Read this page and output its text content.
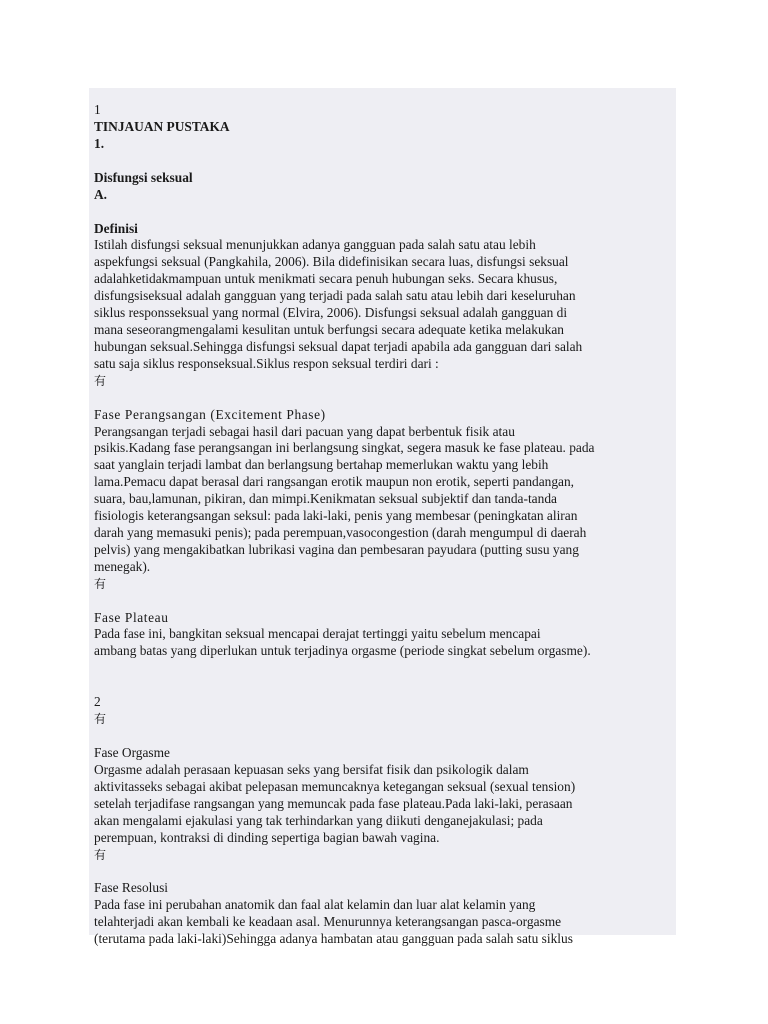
1
TINJAUAN PUSTAKA
1.
Disfungsi seksual
A.
Definisi
Istilah disfungsi seksual menunjukkan adanya gangguan pada salah satu atau lebih
aspekfungsi seksual (Pangkahila, 2006). Bila didefinisikan secara luas, disfungsi seksual
adalahketidakmampuan untuk menikmati secara penuh hubungan seks. Secara khusus,
disfungsiseksual adalah gangguan yang terjadi pada salah satu atau lebih dari keseluruhan
siklus responsseksual yang normal (Elvira, 2006). Disfungsi seksual adalah gangguan di
mana seseorangmengalami kesulitan untuk berfungsi secara adequate ketika melakukan
hubungan seksual.Sehingga disfungsi seksual dapat terjadi apabila ada gangguan dari salah
satu saja siklus responseksual.Siklus respon seksual terdiri dari :
有
Fase Perangsangan (Excitement Phase)
Perangsangan terjadi sebagai hasil dari pacuan yang dapat berbentuk fisik atau
psikis.Kadang fase perangsangan ini berlangsung singkat, segera masuk ke fase plateau. pada
saat yanglain terjadi lambat dan berlangsung bertahap memerlukan waktu yang lebih
lama.Pemacu dapat berasal dari rangsangan erotik maupun non erotik, seperti pandangan,
suara, bau,lamunan, pikiran, dan mimpi.Kenikmatan seksual subjektif dan tanda-tanda
fisiologis keterangsangan seksul: pada laki-laki, penis yang membesar (peningkatan aliran
darah yang memasuki penis); pada perempuan,vasocongestion (darah mengumpul di daerah
pelvis) yang mengakibatkan lubrikasi vagina dan pembesaran payudara (putting susu yang
menegak).
有
Fase Plateau
Pada fase ini, bangkitan seksual mencapai derajat tertinggi yaitu sebelum mencapai
ambang batas yang diperlukan untuk terjadinya orgasme (periode singkat sebelum orgasme).
2
有
Fase Orgasme
Orgasme adalah perasaan kepuasan seks yang bersifat fisik dan psikologik dalam
aktivitasseks sebagai akibat pelepasan memuncaknya ketegangan seksual (sexual tension)
setelah terjadifase rangsangan yang memuncak pada fase plateau.Pada laki-laki, perasaan
akan mengalami ejakulasi yang tak terhindarkan yang diikuti denganejakulasi; pada
perempuan, kontraksi di dinding sepertiga bagian bawah vagina.
有
Fase Resolusi
Pada fase ini perubahan anatomik dan faal alat kelamin dan luar alat kelamin yang
telahterjadi akan kembali ke keadaan asal. Menurunnya keterangsangan pasca-orgasme
(terutama pada laki-laki)Sehingga adanya hambatan atau gangguan pada salah satu siklus
